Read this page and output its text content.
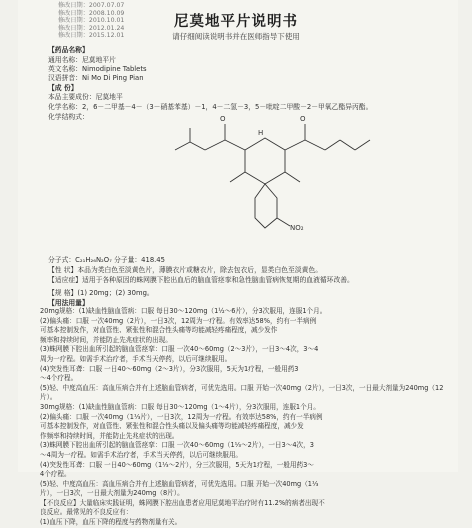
修改日期：2007.07.07
修改日期：2008.10.09
修改日期：2010.10.01
修改日期：2012.01.24
修改日期：2015.12.01
尼莫地平片说明书
请仔细阅读说明书并在医师指导下使用
【药品名称】
通用名称：尼莫地平片
英文名称：Nimodipine Tablets
汉语拼音：Ni Mo Di Ping Pian
【成 份】
本品主要成份：尼莫地平
化学名称：2，6－二甲基－4－（3－硝基苯基）－1，4－二氢－3，5－吡啶二甲酸－2－甲氧乙酯异丙酯。
化学结构式：	O	O
H
NO₂
分子式：C₂₁H₂₆N₂O₇ 分子量：418.45
【性 状】本品为类白色至淡黄色片，薄膜衣片或糖衣片，除去包衣后，显类白色至淡黄色。
【适应症】适用于各种原因的蛛网膜下腔出血后的脑血管痉挛和急性脑血管病恢复期的血液循环改善。
【规 格】(1) 20mg；(2) 30mg。
【用法用量】

20mg规格：(1)缺血性脑血管病：口服 每日30～120mg（1½～6片），分3次服用，连服1个月。

(2)偏头痛：口服 一次40mg（2片），一日3次，12周为一疗程。有效率达58%，约有一半病例

可基本控制发作，对血管性、紧张性和混合性头痛等均能减轻疼痛程度，减少发作

频率和持续时间，并能防止先兆症状的出现。

(3)蛛网膜下腔出血所引起的脑血管痉挛：口服 一次40～60mg（2～3片），一日3～4次，3～4

周为一疗程。如需手术治疗者，手术当天停药，以后可继续服用。

(4)突发性耳聋：口服 一日40～60mg（2～3片），分3次服用，5天为1疗程，一般用药3

～4个疗程。

(5)轻、中度高血压：高血压病合并有上述脑血管病者，可优先选用。口服 开始一次40mg（2片），一日3次，一日最大剂量为240mg（12片）。

30mg规格：(1)缺血性脑血管病：口服 每日30～120mg（1～4片），分3次服用，连服1个月。

(2)偏头痛：口服 一次40mg（1⅓片），一日3次，12周为一疗程。有效率达58%，约有一半病例

可基本控制发作，对血管性、紧张性和混合性头痛以及偏头痛等均能减轻疼痛程度，减少发

作频率和持续时间，并能防止先兆症状的出现。

(3)蛛网膜下腔出血所引起的脑血管痉挛：口服 一次40～60mg（1⅓～2片），一日3～4次，3

～4周为一疗程。如需手术治疗者，手术当天停药，以后可继续服用。

(4)突发性耳聋：口服 一日40～60mg（1⅓～2片），分三次服用，5天为1疗程，一般用药3～

4个疗程。

(5)轻、中度高血压：高血压病合并有上述脑血管病者，可优先选用。口服 开始一次40mg（1⅓

片），一日3次，一日最大剂量为240mg（8片）。

【不良反应】大量临床实践证明，蛛网膜下腔出血患者应用尼莫地平治疗时有11.2%的病者出现不

良反应。最常见的不良反应有：

(1)血压下降，血压下降的程度与药物剂量有关。
